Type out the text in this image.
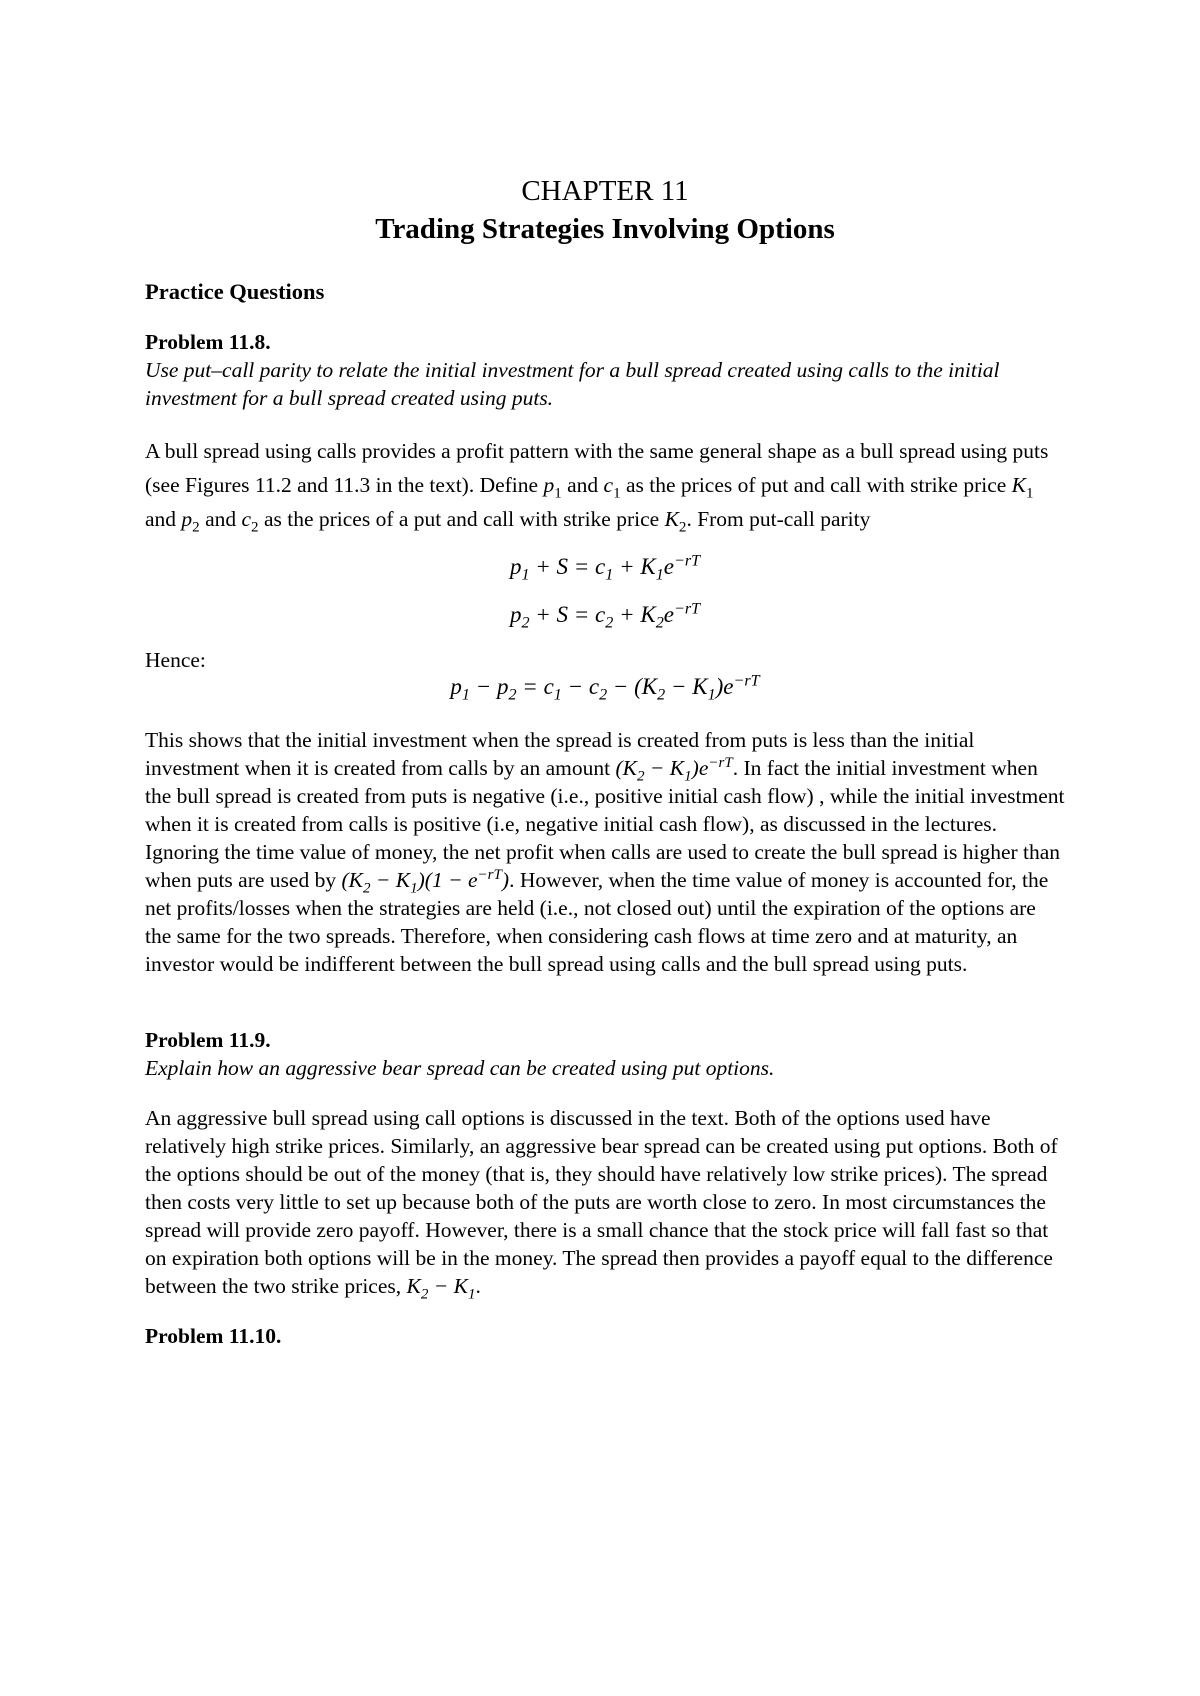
CHAPTER 11
Trading Strategies Involving Options
Practice Questions

Problem 11.8.

Use put–call parity to relate the initial investment for a bull spread created using calls to the initial investment for a bull spread created using puts.

A bull spread using calls provides a profit pattern with the same general shape as a bull spread using puts (see Figures 11.2 and 11.3 in the text). Define $p_1$ and $c_1$ as the prices of put and call with strike price $K_1$ and $p_2$ and $c_2$ as the prices of a put and call with strike price $K_2$. From put-call parity

$p_1 + S = c_1 + K_1e^{-rT}$
$p_2 + S = c_2 + K_2e^{-rT}$
Hence:
$p_1 - p_2 = c_1 - c_2 - (K_2 - K_1)e^{-rT}$

This shows that the initial investment when the spread is created from puts is less than the initial investment when it is created from calls by an amount $(K_2 - K_1)e^{-rT}$. In fact the initial investment when the bull spread is created from puts is negative (i.e., positive initial cash flow) , while the initial investment when it is created from calls is positive (i.e, negative initial cash flow), as discussed in the lectures.

Ignoring the time value of money, the net profit when calls are used to create the bull spread is higher than when puts are used by $(K_2 - K_1)(1 - e^{-rT})$. However, when the time value of money is accounted for, the net profits/losses when the strategies are held (i.e., not closed out) until the expiration of the options are the same for the two spreads. Therefore, when considering cash flows at time zero and at maturity, an investor would be indifferent between the bull spread using calls and the bull spread using puts.

Problem 11.9.

Explain how an aggressive bear spread can be created using put options.

An aggressive bull spread using call options is discussed in the text. Both of the options used have relatively high strike prices. Similarly, an aggressive bear spread can be created using put options. Both of the options should be out of the money (that is, they should have relatively low strike prices). The spread then costs very little to set up because both of the puts are worth close to zero. In most circumstances the spread will provide zero payoff. However, there is a small chance that the stock price will fall fast so that on expiration both options will be in the money. The spread then provides a payoff equal to the difference between the two strike prices, $K_2 - K_1$.

Problem 11.10.
